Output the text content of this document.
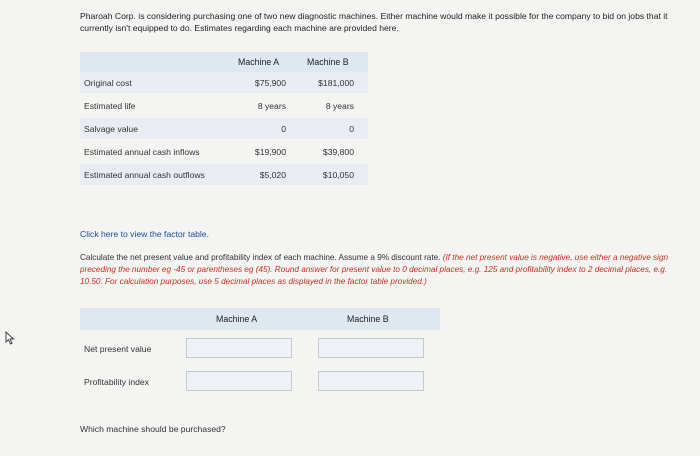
Pharoah Corp. is considering purchasing one of two new diagnostic machines. Either machine would make it possible for the company to bid on jobs that it currently isn't equipped to do. Estimates regarding each machine are provided here.
Machine A	Machine B
Original cost	$75,900	$181,000
Estimated life	8 years	8 years
Salvage value	0	0
Estimated annual cash inflows	$19,900	$39,800
Estimated annual cash outflows	$5,020	$10,050
Click here to view the factor table.
Calculate the net present value and profitability index of each machine. Assume a 9% discount rate. (If the net present value is negative, use either a negative sign preceding the number eg -45 or parentheses eg (45). Round answer for present value to 0 decimal places, e.g. 125 and profitability index to 2 decimal places, e.g. 10.50. For calculation purposes, use 5 decimal places as displayed in the factor table provided.)
Machine A	Machine B
Net present value
Profitability index
Which machine should be purchased?
